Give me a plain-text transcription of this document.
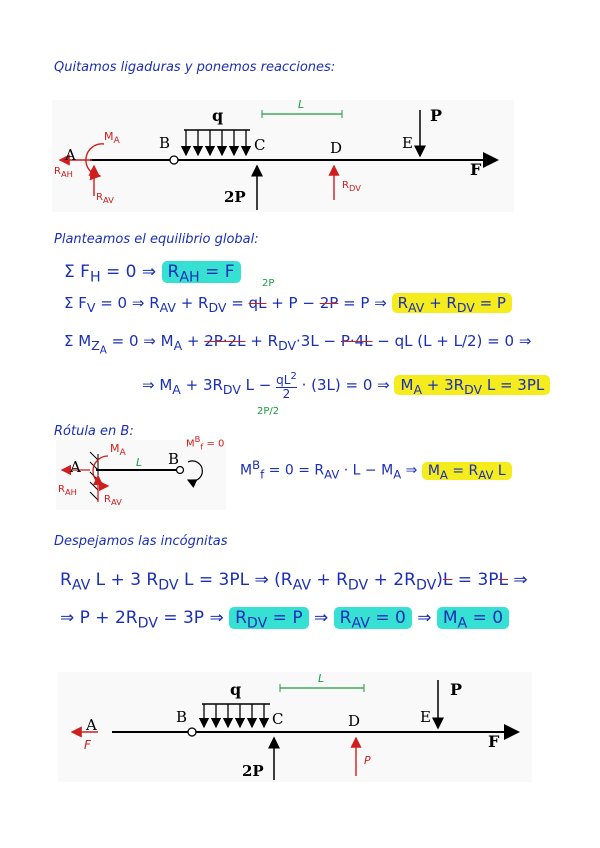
Quitamos ligaduras y ponemos reacciones:
q
L
P
F
2P
A
B	C	D	E
$M_A$
$R_{AH}$
$R_{AV}$
$R_{DV}$
Planteamos el equilibrio global:
Σ $F_H = 0$ ⇒ $R_{AH} = F$
2P
Σ $F_V = 0$ ⇒ $R_{AV} + R_{DV}$ = qL + P − 2P = P ⇒ $R_{AV} + R_{DV} = P$
Σ $M_{Z_A} = 0$ ⇒ $M_A + 2P\cdot 2L + R_{DV}\cdot 3L - P\cdot 4L$ − qL (L + L/2) = 0 ⇒
⇒ $M_A + 3R_{DV}$ $L - \frac{qL^2}{2} \cdot (3L) = 0$ ⇒ $M_A + 3R_{DV}$ L = 3PL
2P/2
Rótula en B:
A	B
L
$M_A$
$R_{AH}$
$R_{AV}$
$M^B_f = 0$
$M^B_f = 0 = R_{AV} \cdot L - M_A$ ⇒ $M_A = R_{AV}$ L
Despejamos las incógnitas
$R_{AV}$ L + 3 $R_{DV}$ L = 3PL ⇒ $(R_{AV} + R_{DV} + 2R_{DV})L = 3PL$ ⇒
⇒ $P + 2R_{DV} = 3P$ ⇒ $R_{DV} = P$ ⇒ $R_{AV} = 0$ ⇒ $M_A = 0$
q
L
P
F
2P
A	B	C	D	E
F
P
